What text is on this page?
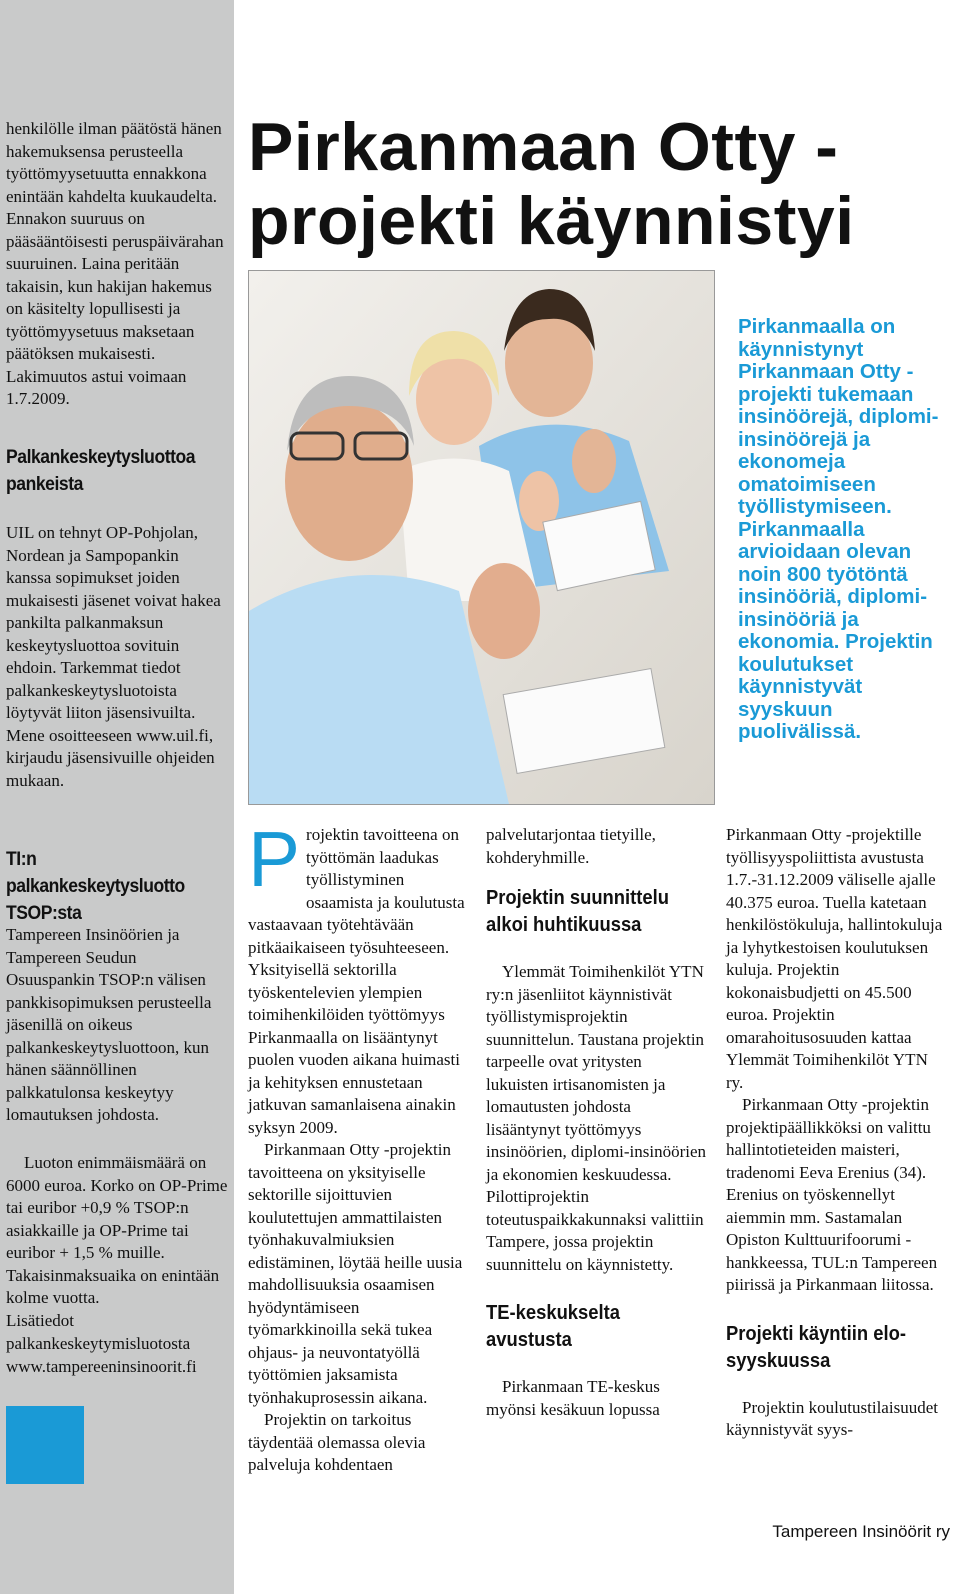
henkilölle ilman päätöstä hänen hakemuksensa perusteella työttömyysetuutta ennakkona enintään kahdelta kuukaudelta. Ennakon suuruus on pääsääntöisesti peruspäivärahan suuruinen. Laina peritään takaisin, kun hakijan hakemus on käsitelty lopullisesti ja työttömyysetuus maksetaan päätöksen mukaisesti. Lakimuutos astui voimaan 1.7.2009.

Palkankeskeytysluottoa pankeista

UIL on tehnyt OP-Pohjolan, Nordean ja Sampopankin kanssa sopimukset joiden mukaisesti jäsenet voivat hakea pankilta palkanmaksun keskeytysluottoa sovituin ehdoin. Tarkemmat tiedot palkankeskeytysluotoista löytyvät liiton jäsensivuilta. Mene osoitteeseen www.uil.fi, kirjaudu jäsensivuille ohjeiden mukaan.

TI:n palkankeskeytysluotto TSOP:sta

Tampereen Insinöörien ja Tampereen Seudun Osuuspankin TSOP:n välisen pankkisopimuksen perusteella jäsenillä on oikeus palkankeskeytysluottoon, kun hänen säännöllinen palkkatulonsa keskeytyy lomautuksen johdosta.

Luoton enimmäismäärä on 6000 euroa. Korko on OP-Prime tai euribor +0,9 % TSOP:n asiakkaille ja OP-Prime tai euribor + 1,5 % muille. Takaisinmaksuaika on enintään kolme vuotta.

Lisätiedot

palkankeskeytymisluotosta

www.tampereeninsinoorit.fi

Pirkanmaan Otty - projekti käynnistyi

Pirkanmaalla on käynnistynyt Pirkanmaan Otty -projekti tukemaan insinöörejä, diplomi-insinöörejä ja ekonomeja omatoimiseen työllistymiseen. Pirkanmaalla arvioidaan olevan noin 800 työtöntä insinööriä, diplomi-insinööriä ja ekonomia. Projektin koulutukset käynnistyvät syyskuun puolivälissä.

P rojektin tavoitteena on työttömän laadukas työllistyminen osaamista ja koulutusta vastaavaan työtehtävään pitkäaikaiseen työsuhteeseen. Yksityisellä sektorilla työskentelevien ylempien toimihenkilöiden työttömyys Pirkanmaalla on lisääntynyt puolen vuoden aikana huimasti ja kehityksen ennustetaan jatkuvan samanlaisena ainakin syksyn 2009.

Pirkanmaan Otty -projektin tavoitteena on yksityiselle sektorille sijoittuvien koulutettujen ammattilaisten työnhakuvalmiuksien edistäminen, löytää heille uusia mahdollisuuksia osaamisen hyödyntämiseen työmarkkinoilla sekä tukea ohjaus- ja neuvontatyöllä työttömien jaksamista työnhakuprosessin aikana.

Projektin on tarkoitus täydentää olemassa olevia palveluja kohdentaen

palvelutarjontaa tietyille, kohderyhmille.

Projektin suunnittelu alkoi huhtikuussa

Ylemmät Toimihenkilöt YTN ry:n jäsenliitot käynnistivät työllistymisprojektin suunnittelun. Taustana projektin tarpeelle ovat yritysten lukuisten irtisanomisten ja lomautusten johdosta lisääntynyt työttömyys insinöörien, diplomi-insinöörien ja ekonomien keskuudessa. Pilottiprojektin toteutuspaikkakunnaksi valittiin Tampere, jossa projektin suunnittelu on käynnistetty.

TE-keskukselta avustusta

Pirkanmaan TE-keskus myönsi kesäkuun lopussa

Pirkanmaan Otty -projektille työllisyyspoliittista avustusta 1.7.-31.12.2009 väliselle ajalle 40.375 euroa. Tuella katetaan henkilöstökuluja, hallintokuluja ja lyhytkestoisen koulutuksen kuluja. Projektin kokonaisbudjetti on 45.500 euroa. Projektin omarahoitusosuuden kattaa Ylemmät Toimihenkilöt YTN ry.

Pirkanmaan Otty -projektin projektipäällikköksi on valittu hallintotieteiden maisteri, tradenomi Eeva Erenius (34). Erenius on työskennellyt aiemmin mm. Sastamalan Opiston Kulttuurifoorumi -hankkeessa, TUL:n Tampereen piirissä ja Pirkanmaan liitossa.

Projekti käyntiin elo-syyskuussa

Projektin koulutustilaisuudet käynnistyvät syys-

Tampereen Insinöörit ry
